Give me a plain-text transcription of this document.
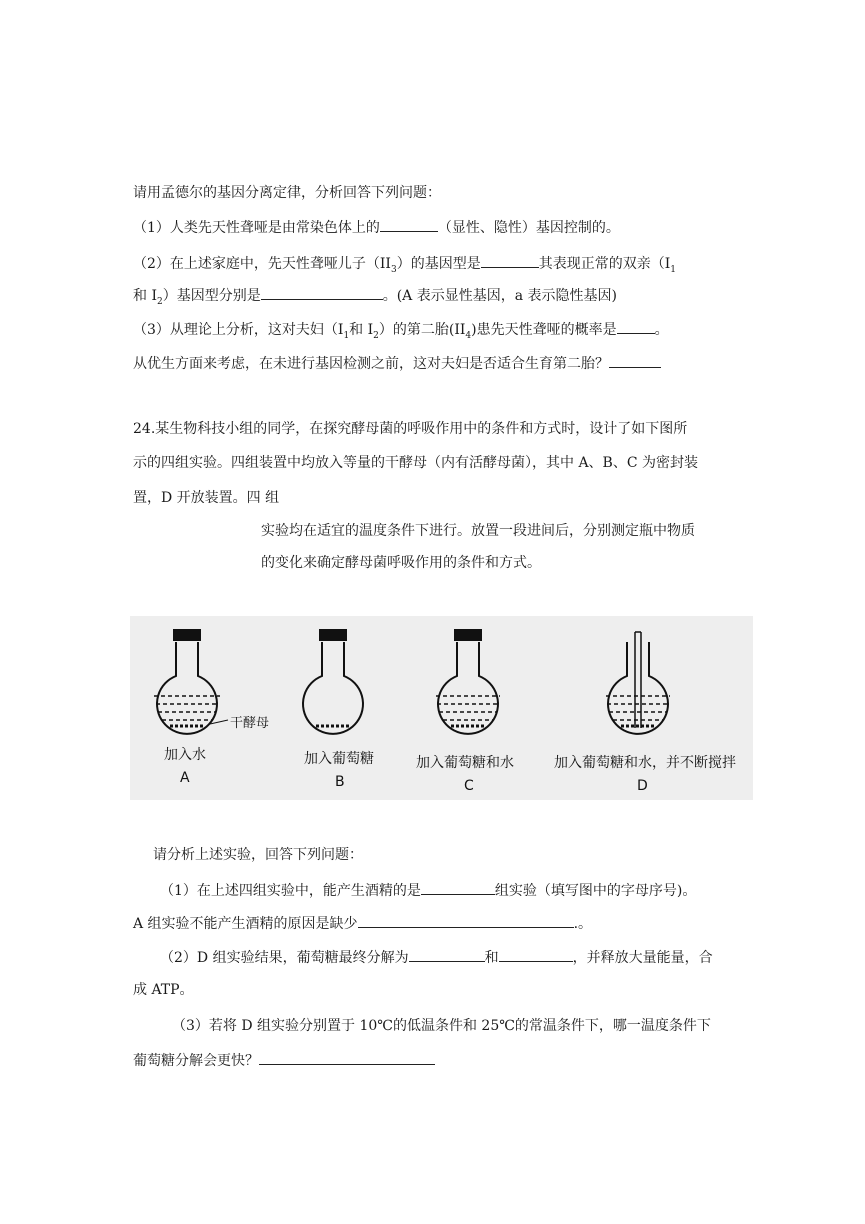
请用孟德尔的基因分离定律，分析回答下列问题：
（1）人类先天性聋哑是由常染色体上的	（显性、隐性）基因控制的。
（2）在上述家庭中，先天性聋哑儿子$(II_3)$的基因型是	其表现正常的双亲（$I_1$
和 $I_2$）基因型分别是	。(A 表示显性基因，a 表示隐性基因)
（3）从理论上分析，这对夫妇（$I_1$和 $I_2$）的第二胎$(II_4)$患先天性聋哑的概率是	。
从优生方面来考虑，在未进行基因检测之前，这对夫妇是否适合生育第二胎？
24.某生物科技小组的同学，在探究酵母菌的呼吸作用中的条件和方式时，设计了如下图所
示的四组实验。四组装置中均放入等量的干酵母（内有活酵母菌），其中 A、B、C 为密封装
置，D 开放装置。四 组
实验均在适宜的温度条件下进行。放置一段进间后，分别测定瓶中物质
的变化来确定酵母菌呼吸作用的条件和方式。
干酵母
加入水
A
加入葡萄糖
B
加入葡萄糖和水
C
加入葡萄糖和水，并不断搅拌
D
请分析上述实验，回答下列问题：
（1）在上述四组实验中，能产生酒精的是	组实验（填写图中的字母序号)。
A 组实验不能产生酒精的原因是缺少	.。
（2）D 组实验结果，葡萄糖最终分解为	和	，并释放大量能量，合
成 ATP。
（3）若将 D 组实验分别置于 10℃的低温条件和 25℃的常温条件下，哪一温度条件下
葡萄糖分解会更快？
